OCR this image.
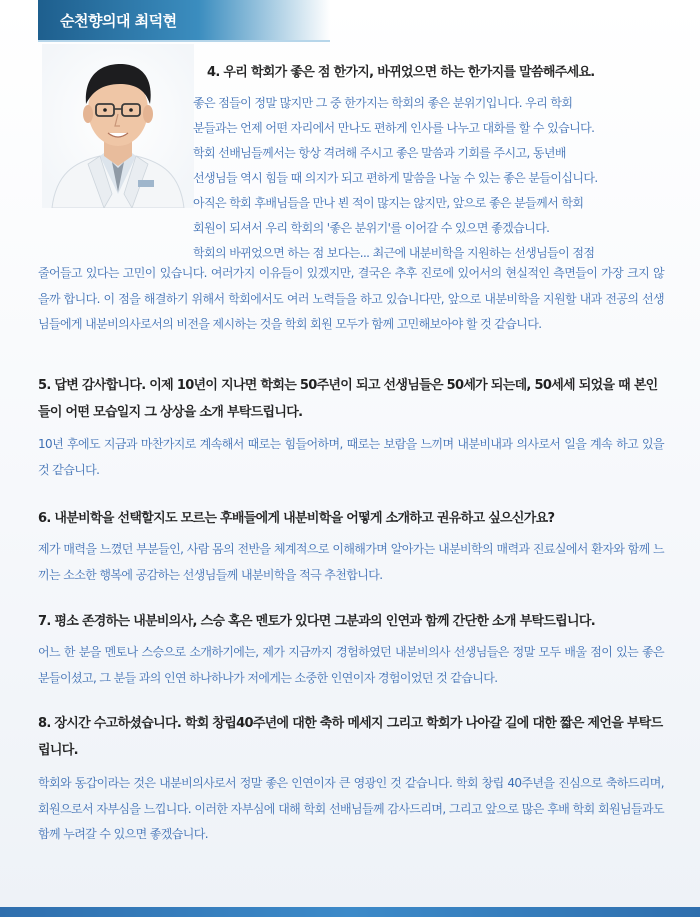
순천향의대 최덕현

4. 우리 학회가 좋은 점 한가지, 바뀌었으면 하는 한가지를 말씀해주세요.

좋은 점들이 정말 많지만 그 중 한가지는 학회의 좋은 분위기입니다. 우리 학회

분들과는 언제 어떤 자리에서 만나도 편하게 인사를 나누고 대화를 할 수 있습니다.

학회 선배님들께서는 항상 격려해 주시고 좋은 말씀과 기회를 주시고, 동년배

선생님들 역시 힘들 때 의지가 되고 편하게 말씀을 나눌 수 있는 좋은 분들이십니다.

아직은 학회 후배님들을 만나 뵌 적이 많지는 않지만, 앞으로 좋은 분들께서 학회

회원이 되셔서 우리 학회의 '좋은 분위기'를 이어갈 수 있으면 좋겠습니다.

학회의 바뀌었으면 하는 점 보다는... 최근에 내분비학을 지원하는 선생님들이 점점

줄어들고 있다는 고민이 있습니다. 여러가지 이유들이 있겠지만, 결국은 추후 진로에 있어서의 현실적인 측면들이 가장 크지 않을까 합니다. 이 점을 해결하기 위해서 학회에서도 여러 노력들을 하고 있습니다만, 앞으로 내분비학을 지원할 내과 전공의 선생님들에게 내분비의사로서의 비전을 제시하는 것을 학회 회원 모두가 함께 고민해보아야 할 것 같습니다.

5. 답변 감사합니다. 이제 10년이 지나면 학회는 50주년이 되고 선생님들은 50세가 되는데, 50세세 되었을 때 본인들이 어떤 모습일지 그 상상을 소개 부탁드립니다.

10년 후에도 지금과 마찬가지로 계속해서 때로는 힘들어하며, 때로는 보람을 느끼며 내분비내과 의사로서 일을 계속 하고 있을 것 같습니다.

6. 내분비학을 선택할지도 모르는 후배들에게 내분비학을 어떻게 소개하고 권유하고 싶으신가요?

제가 매력을 느꼈던 부분들인, 사람 몸의 전반을 체계적으로 이해해가며 알아가는 내분비학의 매력과 진료실에서 환자와 함께 느끼는 소소한 행복에 공감하는 선생님들께 내분비학을 적극 추천합니다.

7. 평소 존경하는 내분비의사, 스승 혹은 멘토가 있다면 그분과의 인연과 함께 간단한 소개 부탁드립니다.

어느 한 분을 멘토나 스승으로 소개하기에는, 제가 지금까지 경험하였던 내분비의사 선생님들은 정말 모두 배울 점이 있는 좋은 분들이셨고, 그 분들 과의 인연 하나하나가 저에게는 소중한 인연이자 경험이었던 것 같습니다.

8. 장시간 수고하셨습니다. 학회 창립40주년에 대한 축하 메세지 그리고 학회가 나아갈 길에 대한 짧은 제언을 부탁드립니다.

학회와 동갑이라는 것은 내분비의사로서 정말 좋은 인연이자 큰 영광인 것 같습니다. 학회 창립 40주년을 진심으로 축하드리며, 회원으로서 자부심을 느낍니다. 이러한 자부심에 대해 학회 선배님들께 감사드리며, 그리고 앞으로 많은 후배 학회 회원님들과도 함께 누려갈 수 있으면 좋겠습니다.
